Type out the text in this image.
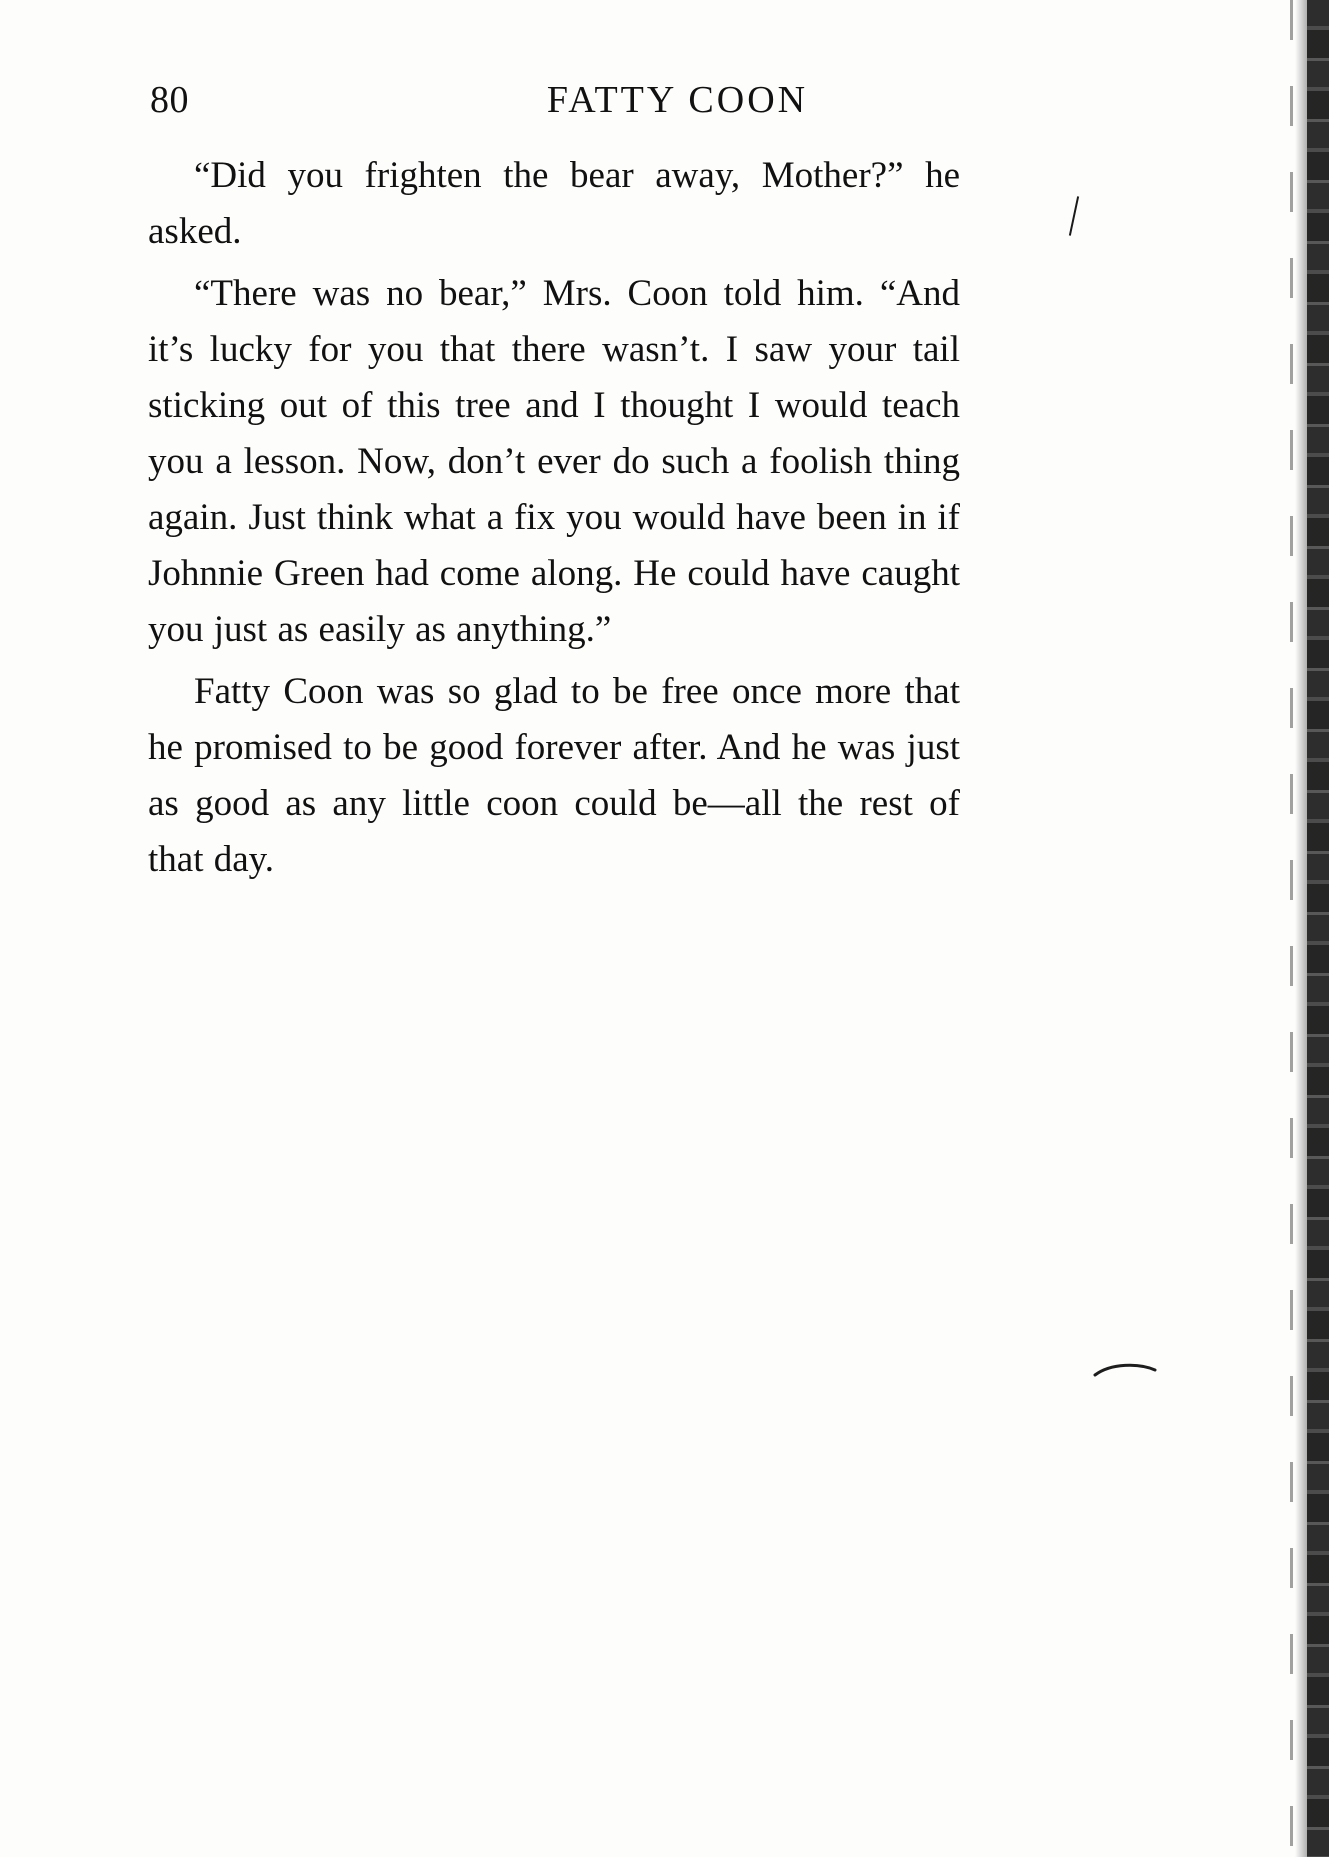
80	FATTY COON

“Did you frighten the bear away, Mother?” he asked.

“There was no bear,” Mrs. Coon told him. “And it’s lucky for you that there wasn’t. I saw your tail sticking out of this tree and I thought I would teach you a lesson. Now, don’t ever do such a foolish thing again. Just think what a fix you would have been in if Johnnie Green had come along. He could have caught you just as easily as anything.”

Fatty Coon was so glad to be free once more that he promised to be good forever after. And he was just as good as any little coon could be—all the rest of that day.
